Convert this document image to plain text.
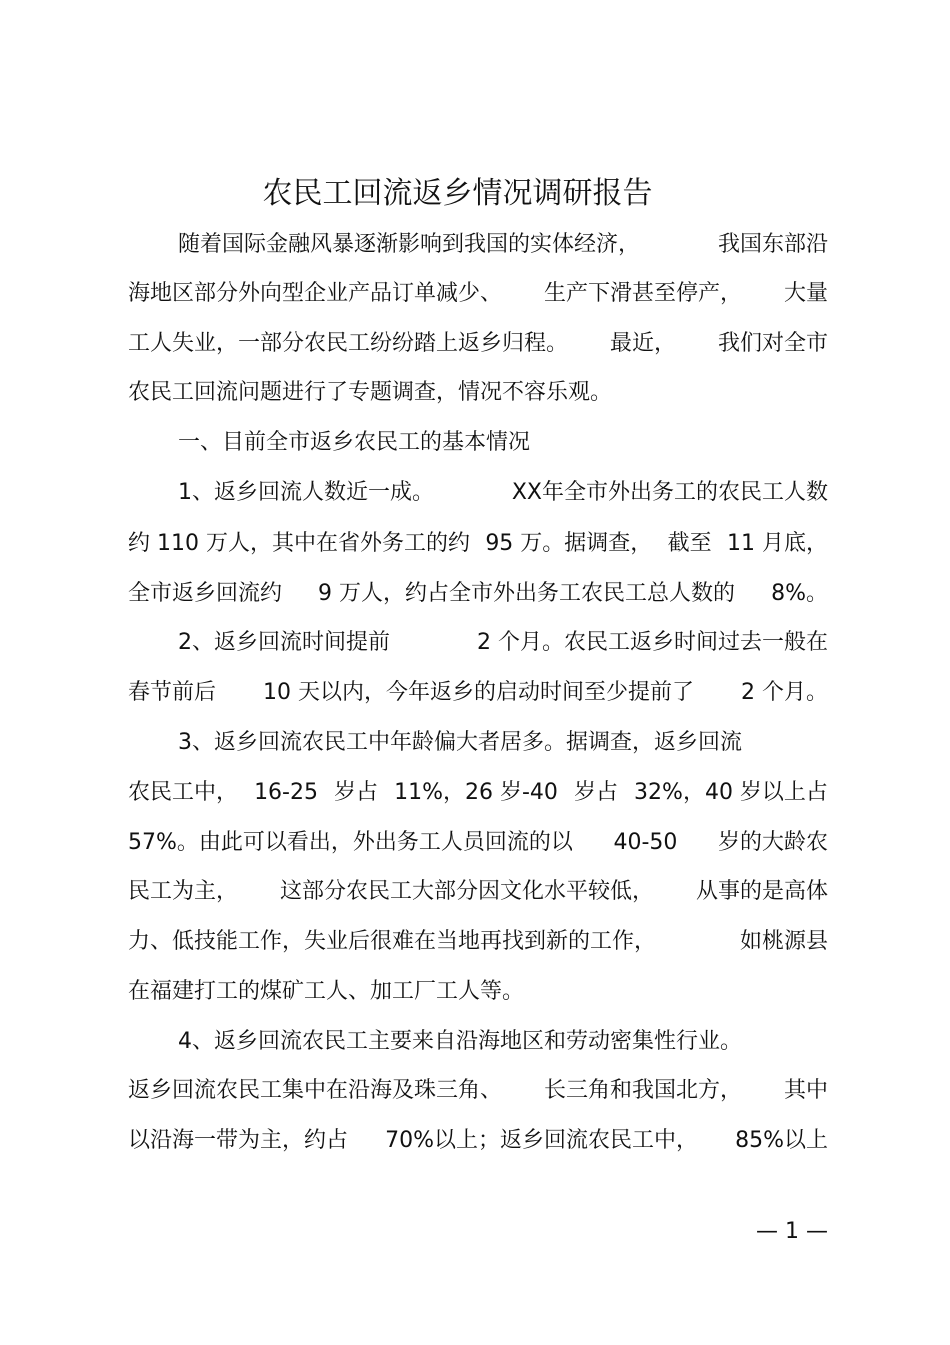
农民工回流返乡情况调研报告
随着国际金融风暴逐渐影响到我国的实体经济，	我国东部沿
海地区部分外向型企业产品订单减少、 生产下滑甚至停产， 大量
工人失业，一部分农民工纷纷踏上返乡归程。 最近， 我们对全市
农民工回流问题进行了专题调查，情况不容乐观。
一、目前全市返乡农民工的基本情况
1、返乡回流人数近一成。	XX年全市外出务工的农民工人数
约 110 万人，其中在省外务工的约 95 万。据调查， 截至 11 月底，
全市返乡回流约 9 万人，约占全市外出务工农民工总人数的 8%。
2、返乡回流时间提前	2 个月。农民工返乡时间过去一般在
春节前后 10 天以内，今年返乡的启动时间至少提前了 2 个月。
3、返乡回流农民工中年龄偏大者居多。据调查，返乡回流
农民工中， 16-25 岁占 11%，26 岁-40 岁占 32%，40 岁以上占
57%。由此可以看出，外出务工人员回流的以 40-50 岁的大龄农
民工为主， 这部分农民工大部分因文化水平较低， 从事的是高体
力、低技能工作，失业后很难在当地再找到新的工作，	如桃源县
在福建打工的煤矿工人、加工厂工人等。
4、返乡回流农民工主要来自沿海地区和劳动密集性行业。
返乡回流农民工集中在沿海及珠三角、 长三角和我国北方， 其中
以沿海一带为主，约占 70%以上；返乡回流农民工中， 85%以上
— 1 —
